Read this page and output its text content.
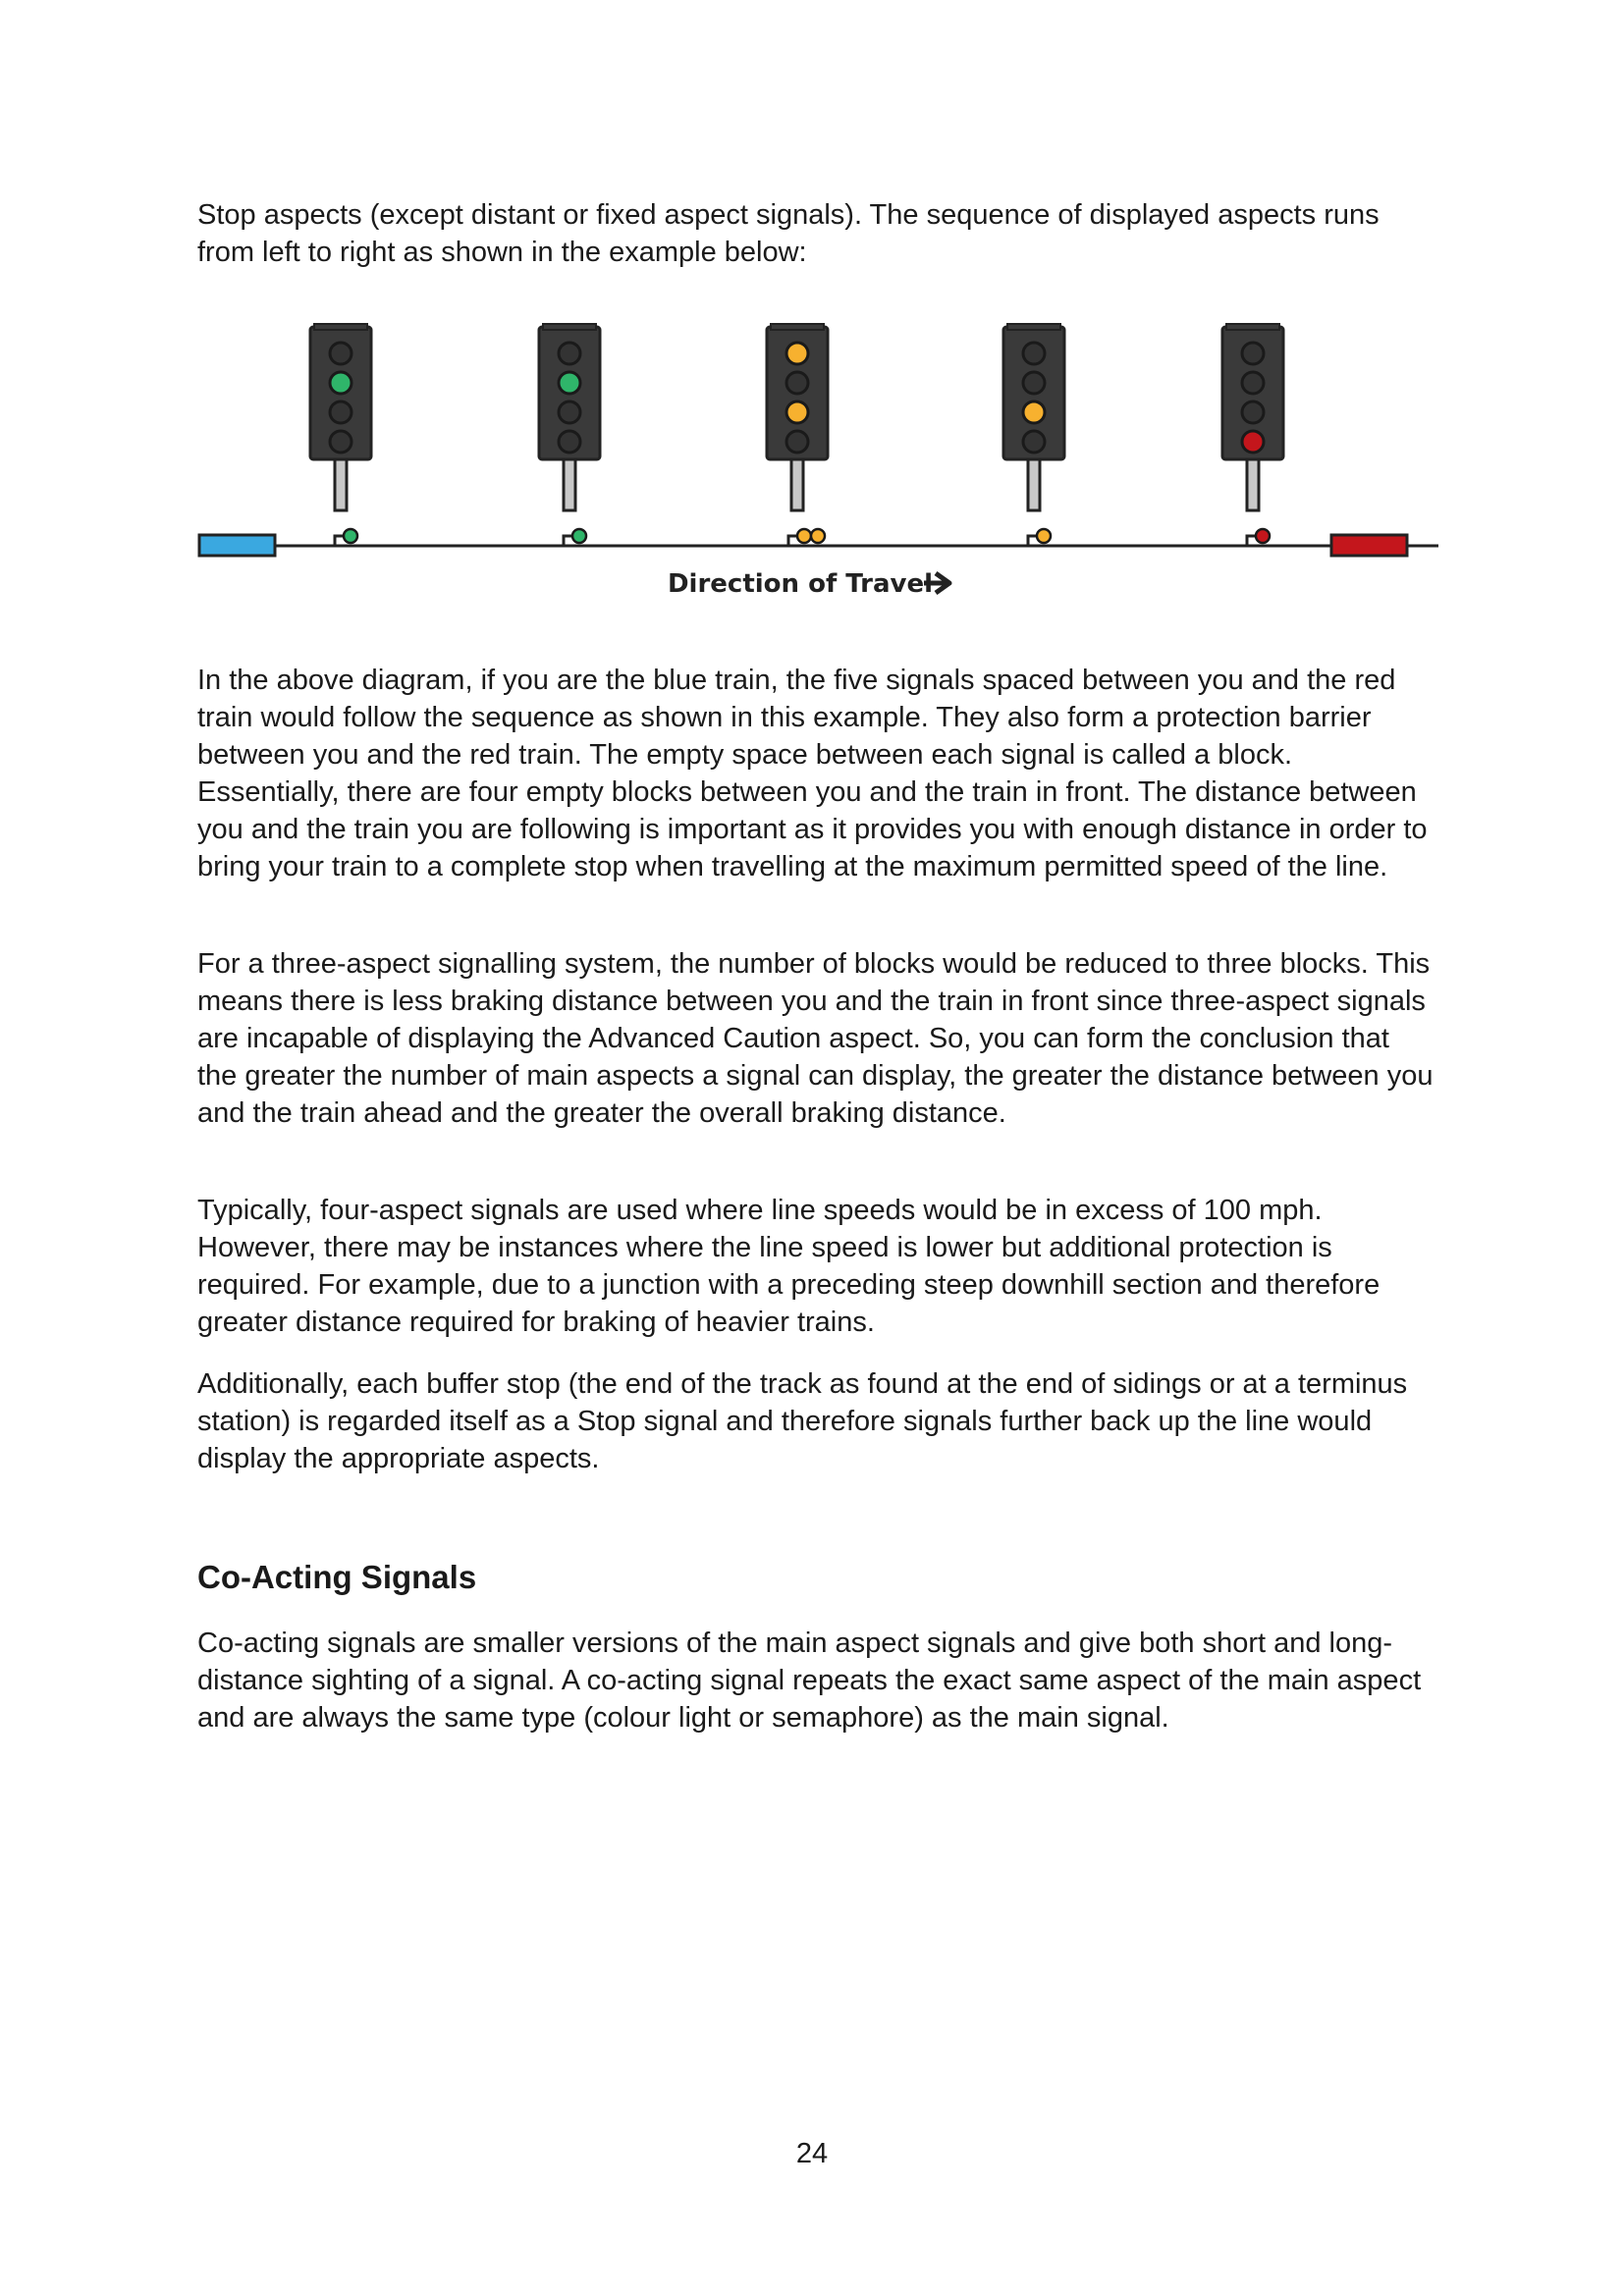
Stop aspects (except distant or fixed aspect signals). The sequence of displayed aspects runs from left to right as shown in the example below:

Direction of Travel

In the above diagram, if you are the blue train, the five signals spaced between you and the red train would follow the sequence as shown in this example. They also form a protection barrier between you and the red train. The empty space between each signal is called a block. Essentially, there are four empty blocks between you and the train in front. The distance between you and the train you are following is important as it provides you with enough distance in order to bring your train to a complete stop when travelling at the maximum permitted speed of the line.

For a three-aspect signalling system, the number of blocks would be reduced to three blocks. This means there is less braking distance between you and the train in front since three-aspect signals are incapable of displaying the Advanced Caution aspect. So, you can form the conclusion that the greater the number of main aspects a signal can display, the greater the distance between you and the train ahead and the greater the overall braking distance.

Typically, four-aspect signals are used where line speeds would be in excess of 100 mph. However, there may be instances where the line speed is lower but additional protection is required. For example, due to a junction with a preceding steep downhill section and therefore greater distance required for braking of heavier trains.

Additionally, each buffer stop (the end of the track as found at the end of sidings or at a terminus station) is regarded itself as a Stop signal and therefore signals further back up the line would display the appropriate aspects.

Co-Acting Signals

Co-acting signals are smaller versions of the main aspect signals and give both short and long-distance sighting of a signal. A co-acting signal repeats the exact same aspect of the main aspect and are always the same type (colour light or semaphore) as the main signal.

24
